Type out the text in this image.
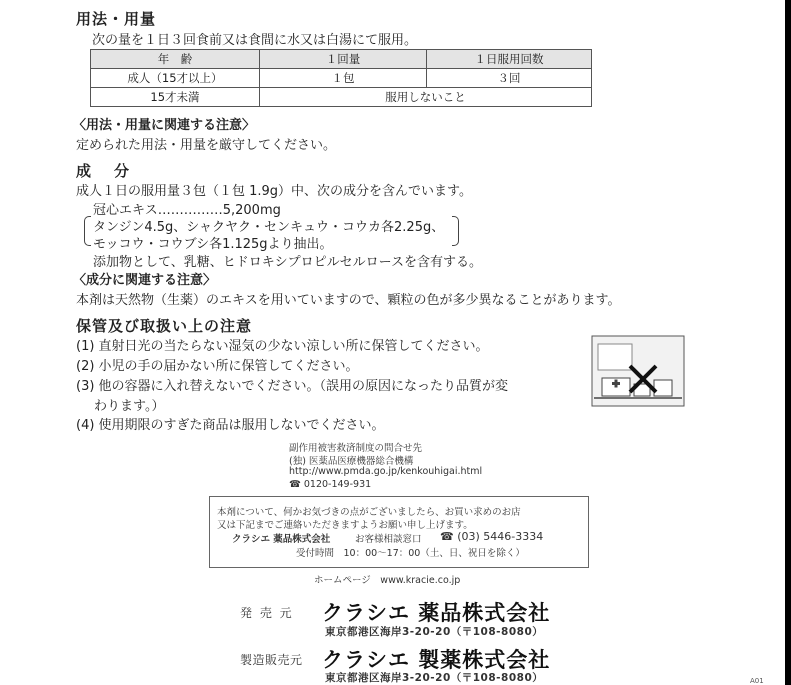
用法・用量
次の量を１日３回食前又は食間に水又は白湯にて服用。
年　齢	１回量	１日服用回数
成人（15才以上）	１包	３回
15才未満	服用しないこと	
〈用法・用量に関連する注意〉
定められた用法・用量を厳守してください。
成　分
成人１日の服用量３包（１包 1.9g）中、次の成分を含んでいます。
冠心エキス……………5,200mg
タンジン4.5g、シャクヤク・センキュウ・コウカ各2.25g、
モッコウ・コウブシ各1.125gより抽出。
添加物として、乳糖、ヒドロキシプロピルセルロースを含有する。
〈成分に関連する注意〉
本剤は天然物（生薬）のエキスを用いていますので、顆粒の色が多少異なることがあります。
保管及び取扱い上の注意
(1) 直射日光の当たらない湿気の少ない涼しい所に保管してください。
(2) 小児の手の届かない所に保管してください。
(3) 他の容器に入れ替えないでください。（誤用の原因になったり品質が変
わります。）
(4) 使用期限のすぎた商品は服用しないでください。
副作用被害救済制度の問合せ先
(独) 医薬品医療機器総合機構
http://www.pmda.go.jp/kenkouhigai.html
☎ 0120-149-931
本剤について、何かお気づきの点がございましたら、お買い求めのお店
又は下記までご連絡いただきますようお願い申し上げます。
クラシエ 薬品株式会社	お客様相談窓口 ☎ (03) 5446-3334
受付時間　10：00～17：00（土、日、祝日を除く）
ホームページ　www.kracie.co.jp
発 売 元 クラシエ 薬品株式会社
東京都港区海岸3-20-20（〒108-8080）
製造販売元 クラシエ 製薬株式会社
東京都港区海岸3-20-20（〒108-8080）	A01
